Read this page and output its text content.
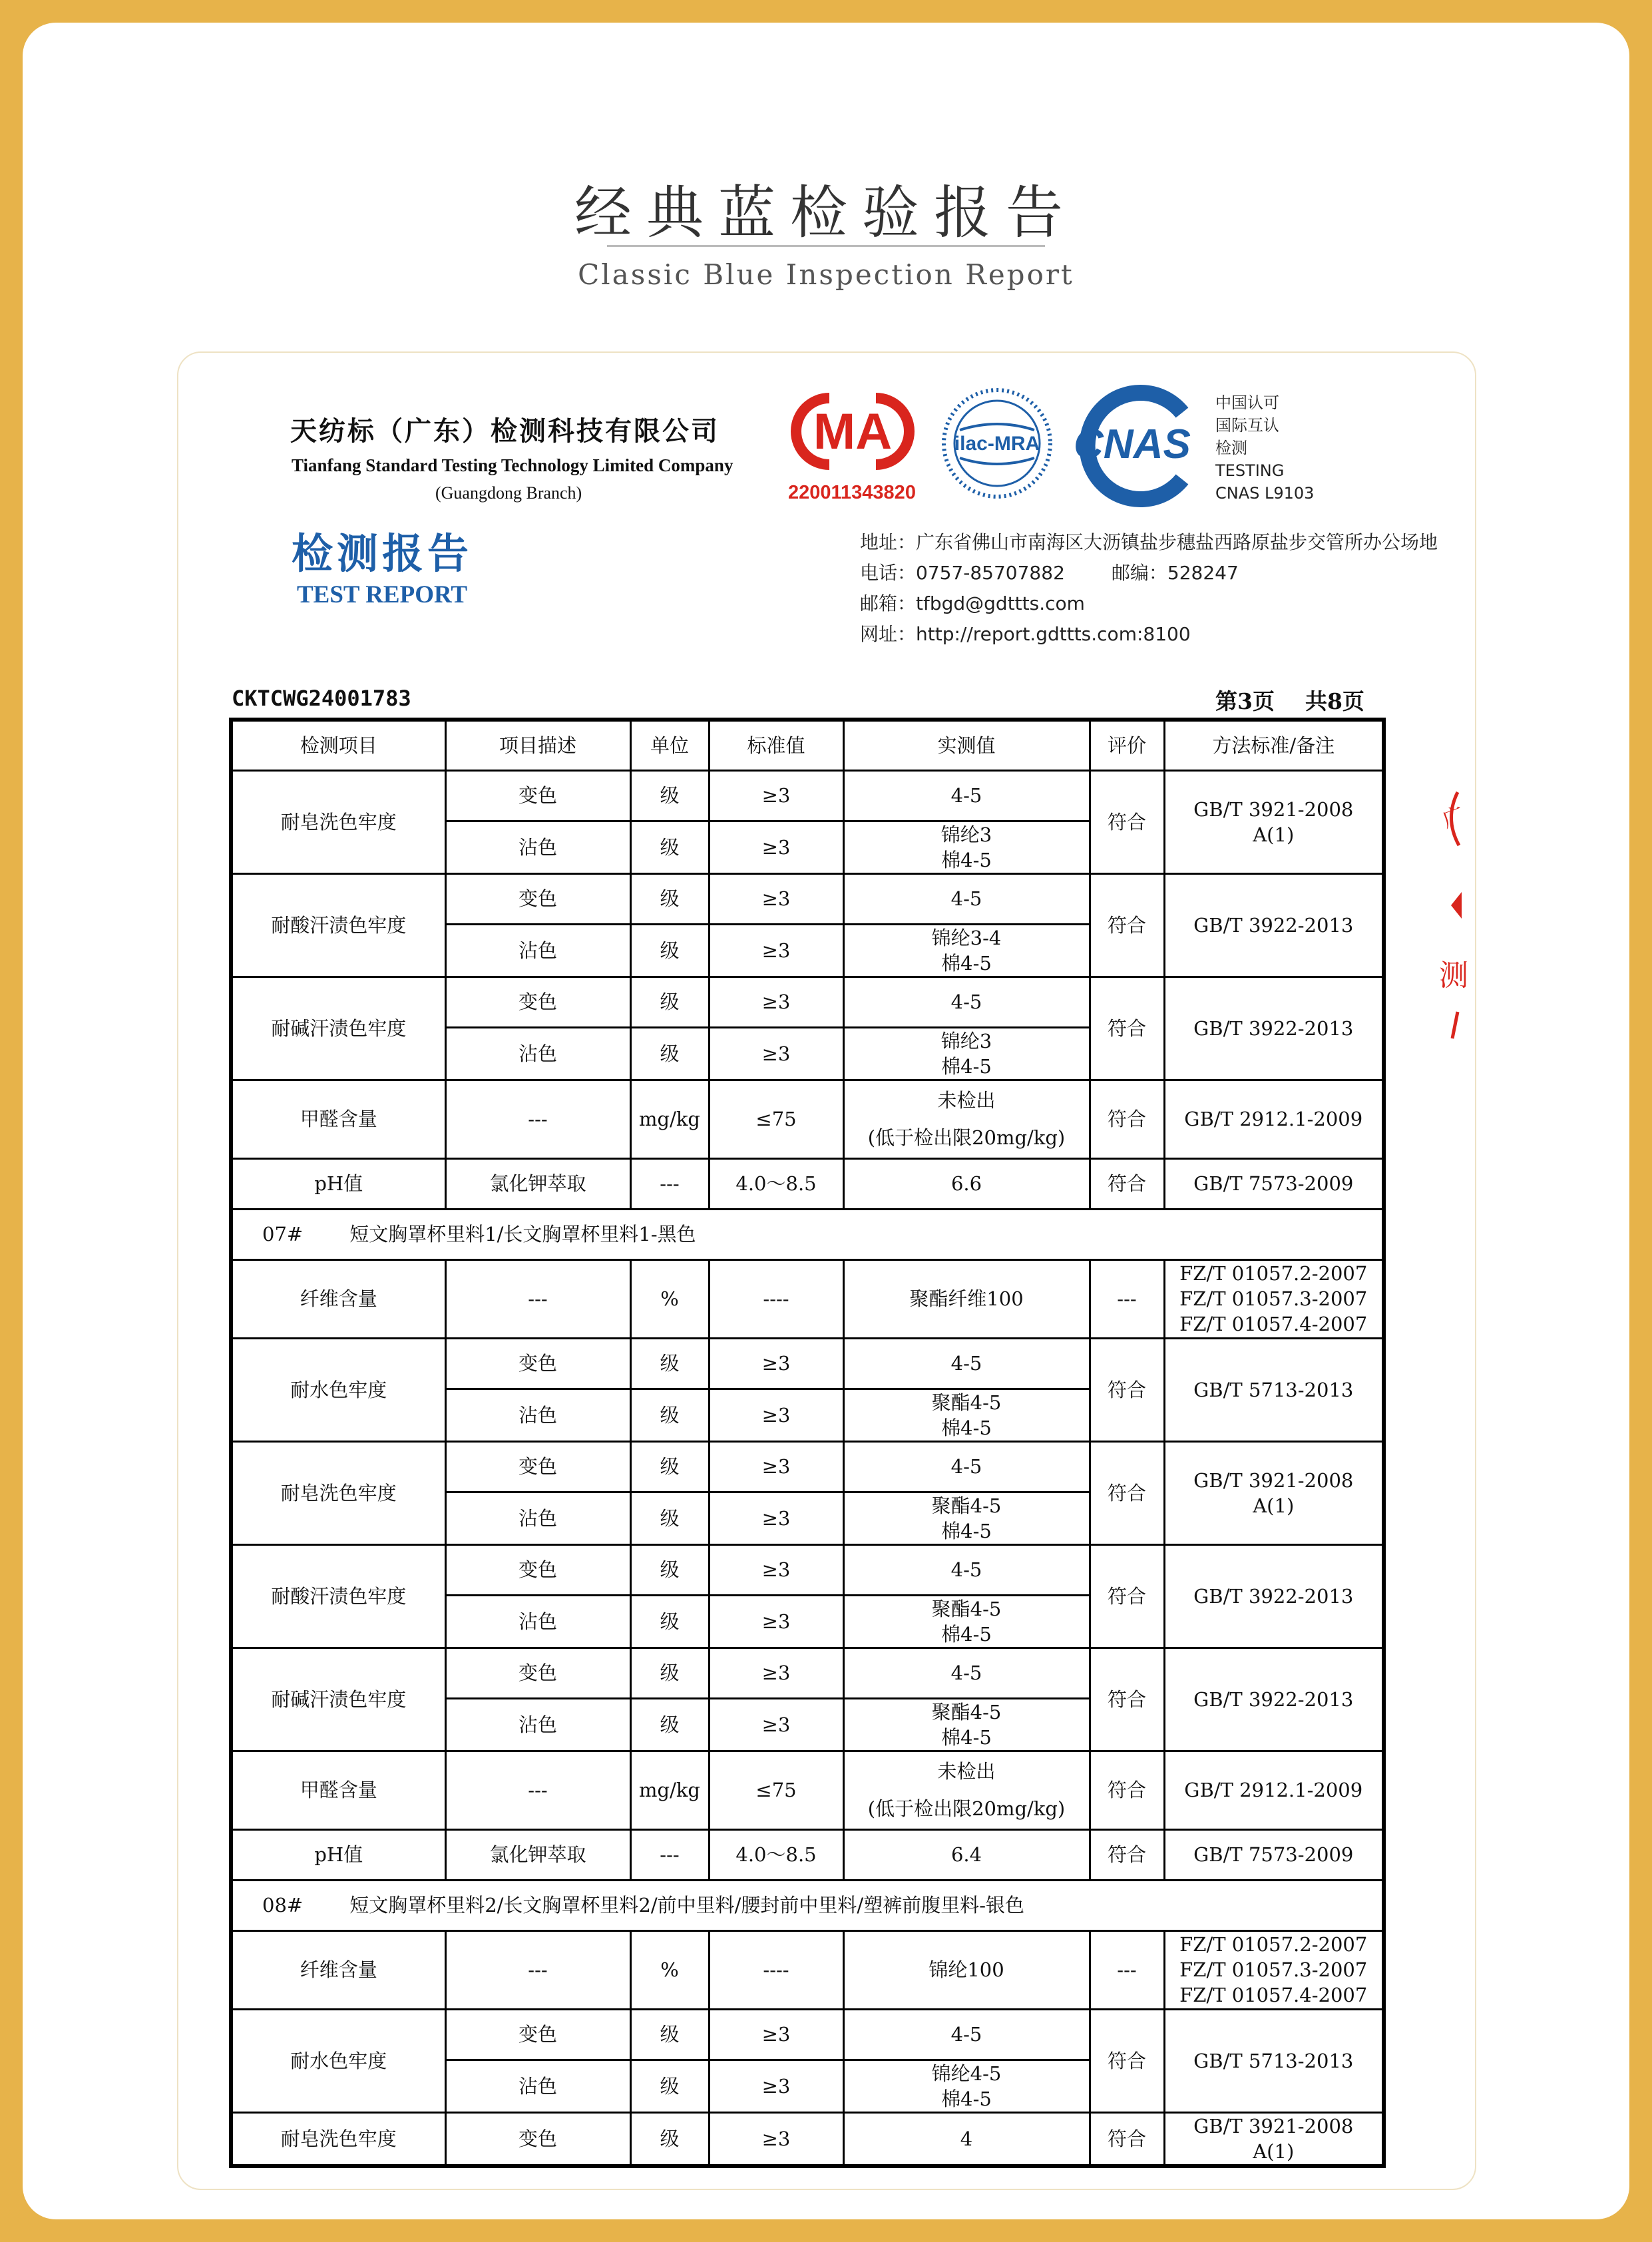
经典蓝检验报告
Classic Blue Inspection Report
天纺标（广东）检测科技有限公司
Tianfang Standard Testing Technology Limited Company
(Guangdong Branch)
检测报告
TEST REPORT
MA
220011343820
ilac-MRA CNAS
中国认可
国际互认
检测
TESTING
CNAS L9103
地址：广东省佛山市南海区大沥镇盐步穗盐西路原盐步交管所办公场地
电话：0757-85707882	邮编：528247
邮箱：tfbgd@gdttts.com
网址：http://report.gdttts.com:8100
CKTCWG24001783	第3页 共8页
检测项目	项目描述	单位	标准值	实测值	评价	方法标准/备注
耐皂洗色牢度	变色	级	≥3	4-5	符合	GB/T 3921-2008
A(1)

	沾色	级	≥3	锦纶3
棉4-5		

耐酸汗渍色牢度	变色	级	≥3	4-5	符合	GB/T 3922-2013

	沾色	级	≥3	锦纶3-4
棉4-5		

耐碱汗渍色牢度	变色	级	≥3	4-5	符合	GB/T 3922-2013

	沾色	级	≥3	锦纶3
棉4-5		

甲醛含量	---	mg/kg	≤75	未检出
(低于检出限20mg/kg)	符合	GB/T 2912.1-2009

pH值	氯化钾萃取	---	4.0～8.5	6.6	符合	GB/T 7573-2009

07# 短文胸罩杯里料1/长文胸罩杯里料1-黑色						
纤维含量	---	%	----	聚酯纤维100	---	FZ/T 01057.2-2007
FZ/T 01057.3-2007
FZ/T 01057.4-2007

耐水色牢度	变色	级	≥3	4-5	符合	GB/T 5713-2013

	沾色	级	≥3	聚酯4-5
棉4-5		

耐皂洗色牢度	变色	级	≥3	4-5	符合	GB/T 3921-2008
A(1)

	沾色	级	≥3	聚酯4-5
棉4-5		

耐酸汗渍色牢度	变色	级	≥3	4-5	符合	GB/T 3922-2013

	沾色	级	≥3	聚酯4-5
棉4-5		

耐碱汗渍色牢度	变色	级	≥3	4-5	符合	GB/T 3922-2013

	沾色	级	≥3	聚酯4-5
棉4-5		

甲醛含量	---	mg/kg	≤75	未检出
(低于检出限20mg/kg)	符合	GB/T 2912.1-2009

pH值	氯化钾萃取	---	4.0～8.5	6.4	符合	GB/T 7573-2009

08# 短文胸罩杯里料2/长文胸罩杯里料2/前中里料/腰封前中里料/塑裤前腹里料-银色						
纤维含量	---	%	----	锦纶100	---	FZ/T 01057.2-2007
FZ/T 01057.3-2007
FZ/T 01057.4-2007

耐水色牢度	变色	级	≥3	4-5	符合	GB/T 5713-2013

	沾色	级	≥3	锦纶4-5
棉4-5		

耐皂洗色牢度	变色	级	≥3	4	符合	GB/T 3921-2008
A(1)
广
测
